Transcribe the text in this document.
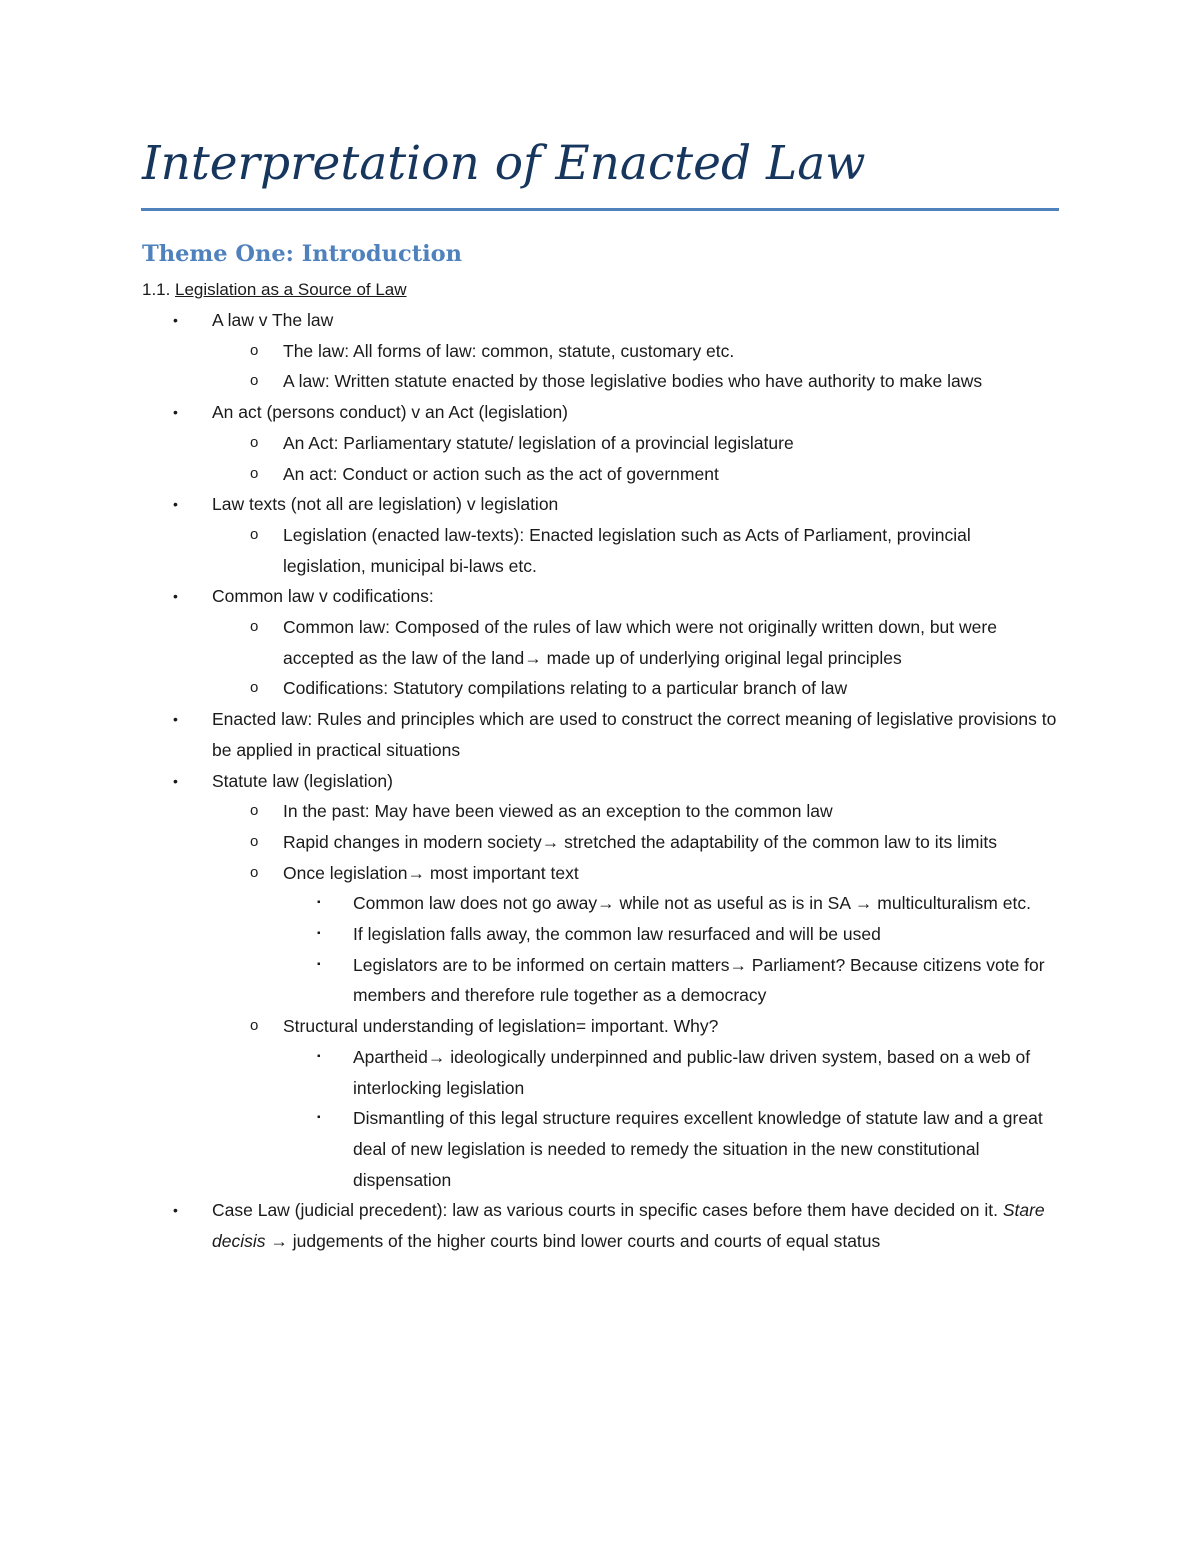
Interpretation of Enacted Law
Theme One: Introduction
1.1. Legislation as a Source of Law
• A law v The law
o The law: All forms of law: common, statute, customary etc.
o A law: Written statute enacted by those legislative bodies who have authority to make laws
• An act (persons conduct) v an Act (legislation)
o An Act: Parliamentary statute/ legislation of a provincial legislature
o An act: Conduct or action such as the act of government
• Law texts (not all are legislation) v legislation
o Legislation (enacted law-texts): Enacted legislation such as Acts of Parliament, provincial legislation, municipal bi-laws etc.
• Common law v codifications:
o Common law: Composed of the rules of law which were not originally written down, but were accepted as the law of the land→ made up of underlying original legal principles
o Codifications: Statutory compilations relating to a particular branch of law
• Enacted law: Rules and principles which are used to construct the correct meaning of legislative provisions to be applied in practical situations
• Statute law (legislation)
o In the past: May have been viewed as an exception to the common law
o Rapid changes in modern society→ stretched the adaptability of the common law to its limits
o Once legislation→ most important text
▪ Common law does not go away→ while not as useful as is in SA → multiculturalism etc.
▪ If legislation falls away, the common law resurfaced and will be used
▪ Legislators are to be informed on certain matters→ Parliament? Because citizens vote for members and therefore rule together as a democracy
o Structural understanding of legislation= important. Why?
▪ Apartheid→ ideologically underpinned and public-law driven system, based on a web of interlocking legislation
▪ Dismantling of this legal structure requires excellent knowledge of statute law and a great deal of new legislation is needed to remedy the situation in the new constitutional dispensation
• Case Law (judicial precedent): law as various courts in specific cases before them have decided on it. Stare decisis → judgements of the higher courts bind lower courts and courts of equal status
